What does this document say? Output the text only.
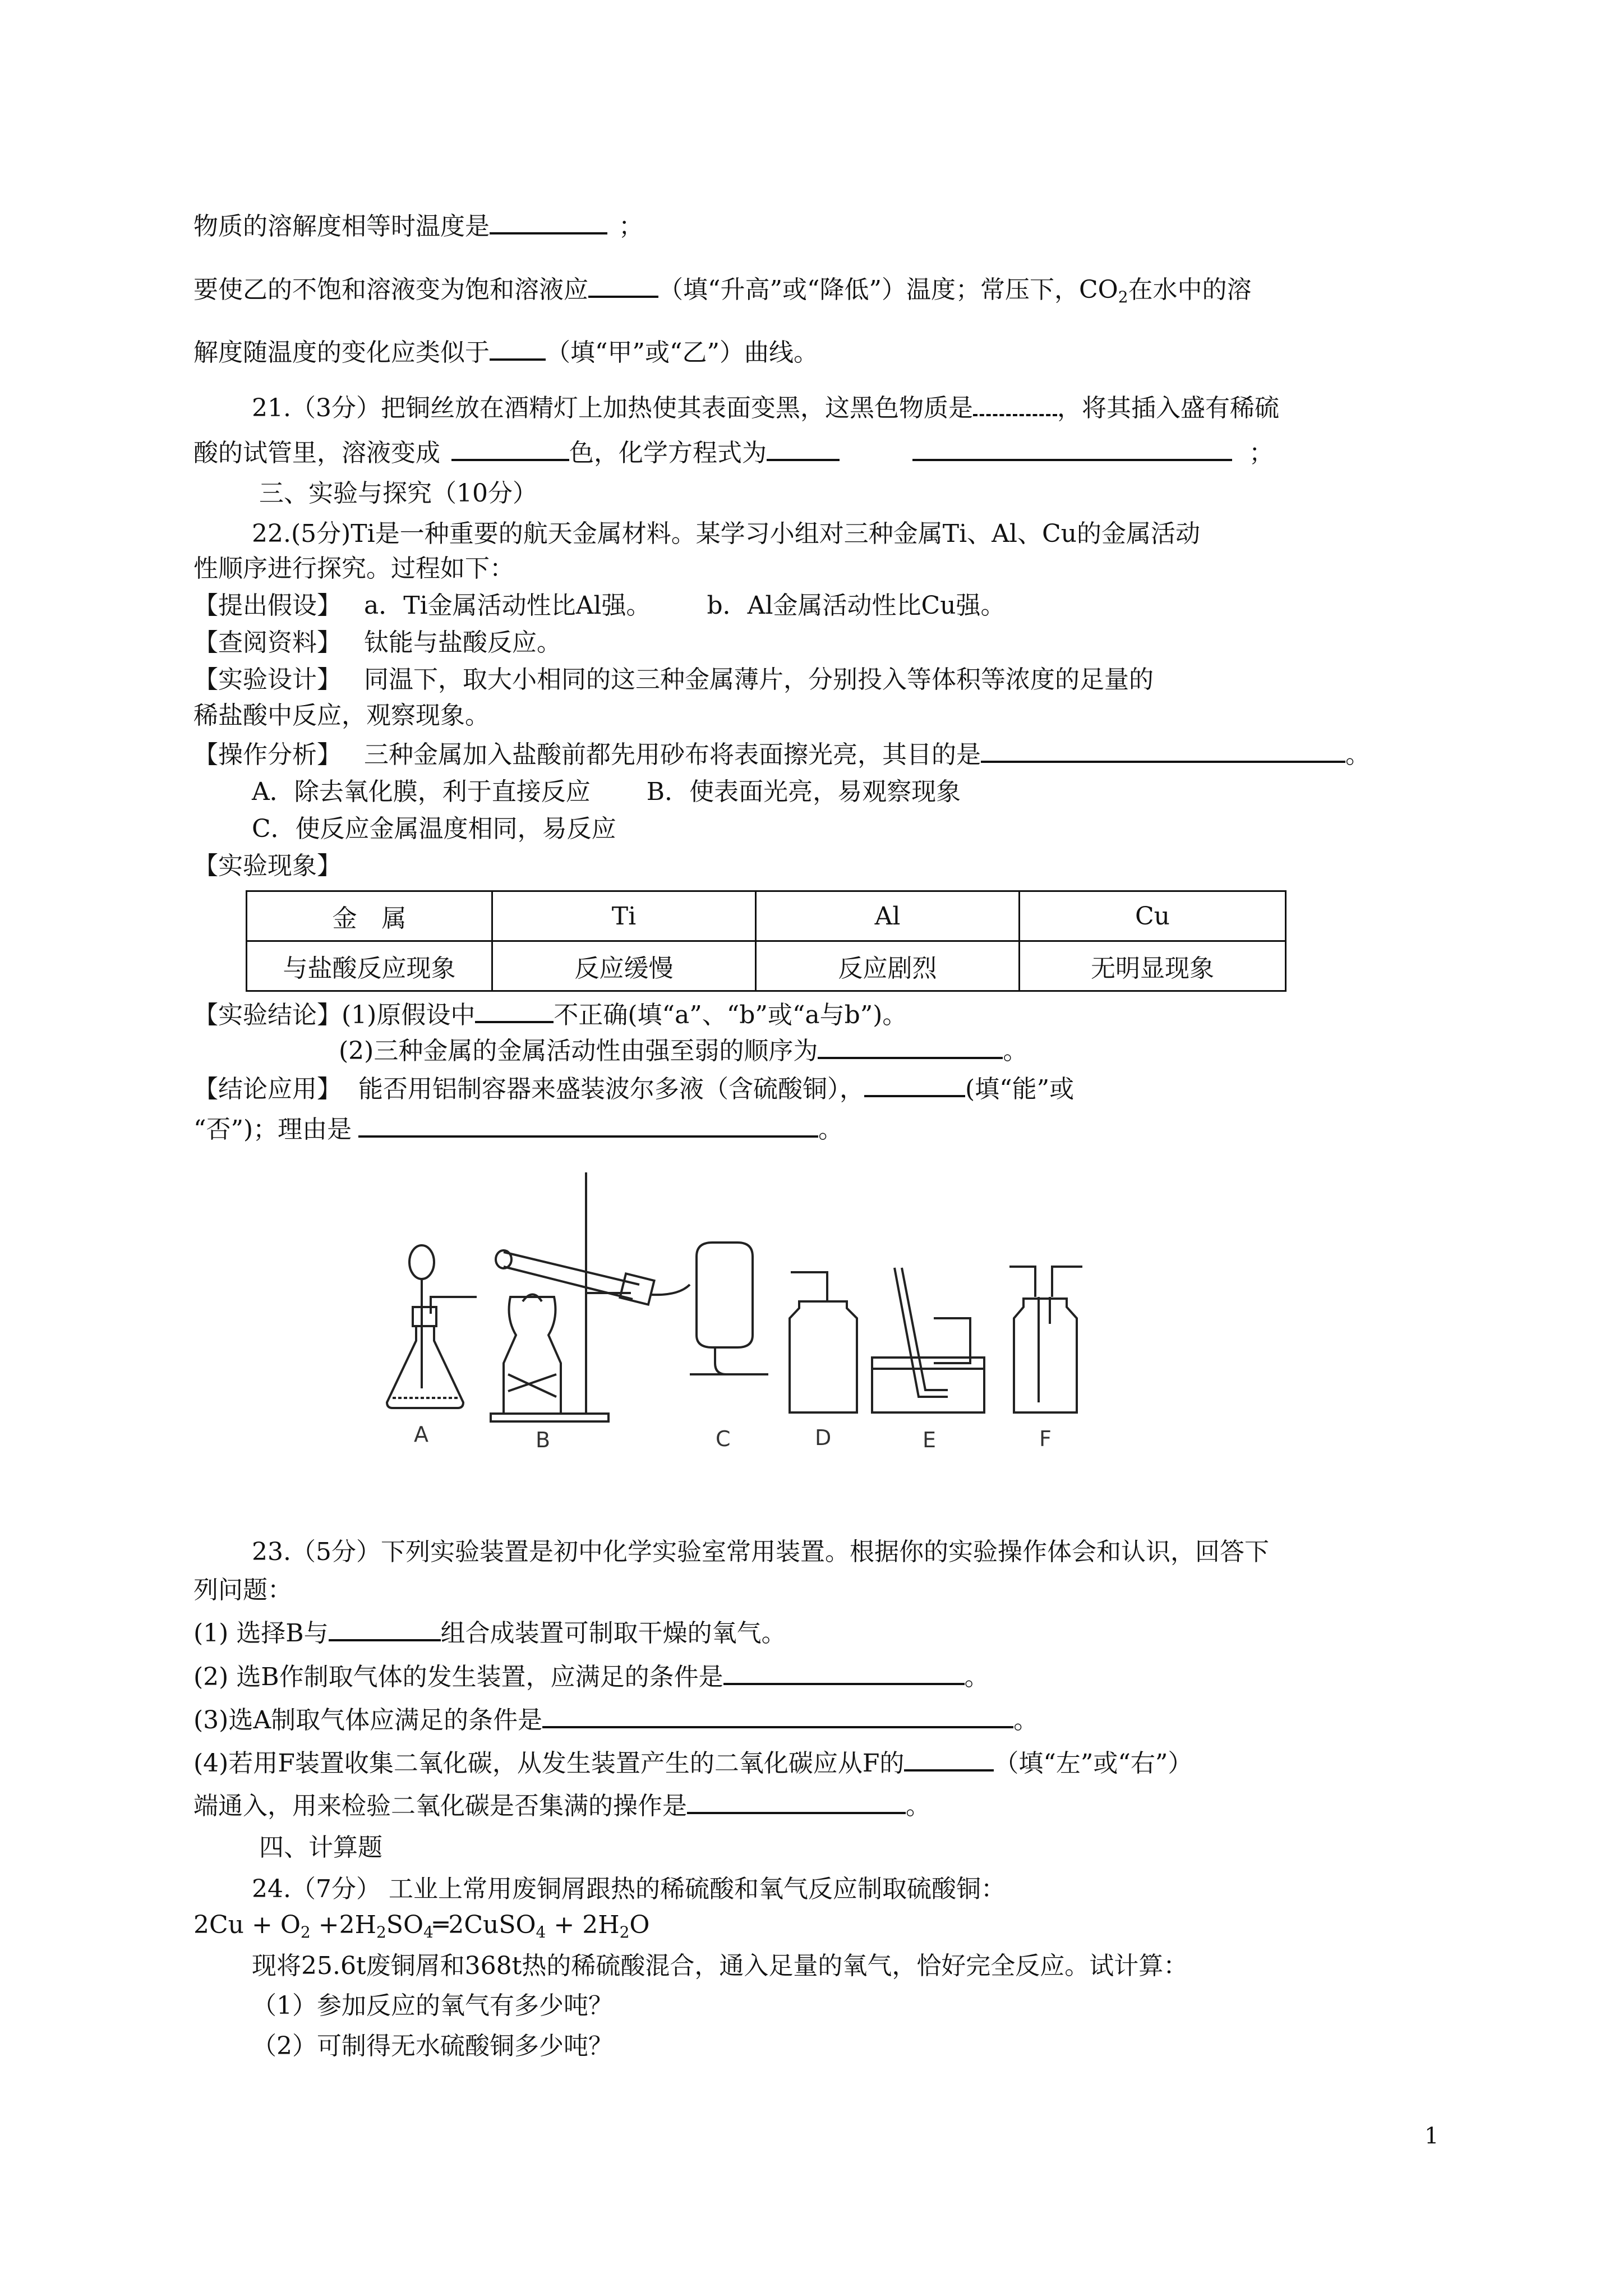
物质的溶解度相等时温度是	；
要使乙的不饱和溶液变为饱和溶液应	（填“升高”或“降低”）温度；常压下，$CO_2$在水中的溶
解度随温度的变化应类似于 （填“甲”或“乙”）曲线。
21.（3分）把铜丝放在酒精灯上加热使其表面变黑，这黑色物质是	，将其插入盛有稀硫
酸的试管里，溶液变成	色，化学方程式为	；
三、实验与探究（10分）
22.(5分)Ti是一种重要的航天金属材料。某学习小组对三种金属Ti、Al、Cu的金属活动
性顺序进行探究。过程如下：
【提出假设】 a．Ti金属活动性比Al强。 b．Al金属活动性比Cu强。
【查阅资料】 钛能与盐酸反应。
【实验设计】 同温下，取大小相同的这三种金属薄片，分别投入等体积等浓度的足量的
稀盐酸中反应，观察现象。
【操作分析】 三种金属加入盐酸前都先用砂布将表面擦光亮，其目的是	。
A．除去氧化膜，利于直接反应 B．使表面光亮，易观察现象
C．使反应金属温度相同，易反应
【实验现象】
金　属	Ti	Al	Cu
与盐酸反应现象	反应缓慢	反应剧烈	无明显现象
【实验结论】(1)原假设中	不正确(填“a”、“b”或“a与b”)。
(2)三种金属的金属活动性由强至弱的顺序为	。
【结论应用】 能否用铝制容器来盛装波尔多液（含硫酸铜），	(填“能”或
“否”)；理由是	。
A	B	C	D	E	F
23.（5分）下列实验装置是初中化学实验室常用装置。根据你的实验操作体会和认识，回答下
列问题：
(1) 选择B与	组合成装置可制取干燥的氧气。
(2) 选B作制取气体的发生装置，应满足的条件是	。
(3)选A制取气体应满足的条件是	。
(4)若用F装置收集二氧化碳，从发生装置产生的二氧化碳应从F的	（填“左”或“右”）
端通入，用来检验二氧化碳是否集满的操作是	。
四、计算题
24.（7分） 工业上常用废铜屑跟热的稀硫酸和氧气反应制取硫酸铜：
$2Cu + O_2$ $+2H_2SO_4═2CuSO_4 + 2H_2O$
现将25.6t废铜屑和368t热的稀硫酸混合，通入足量的氧气，恰好完全反应。试计算：
（1）参加反应的氧气有多少吨？
（2）可制得无水硫酸铜多少吨？
1
